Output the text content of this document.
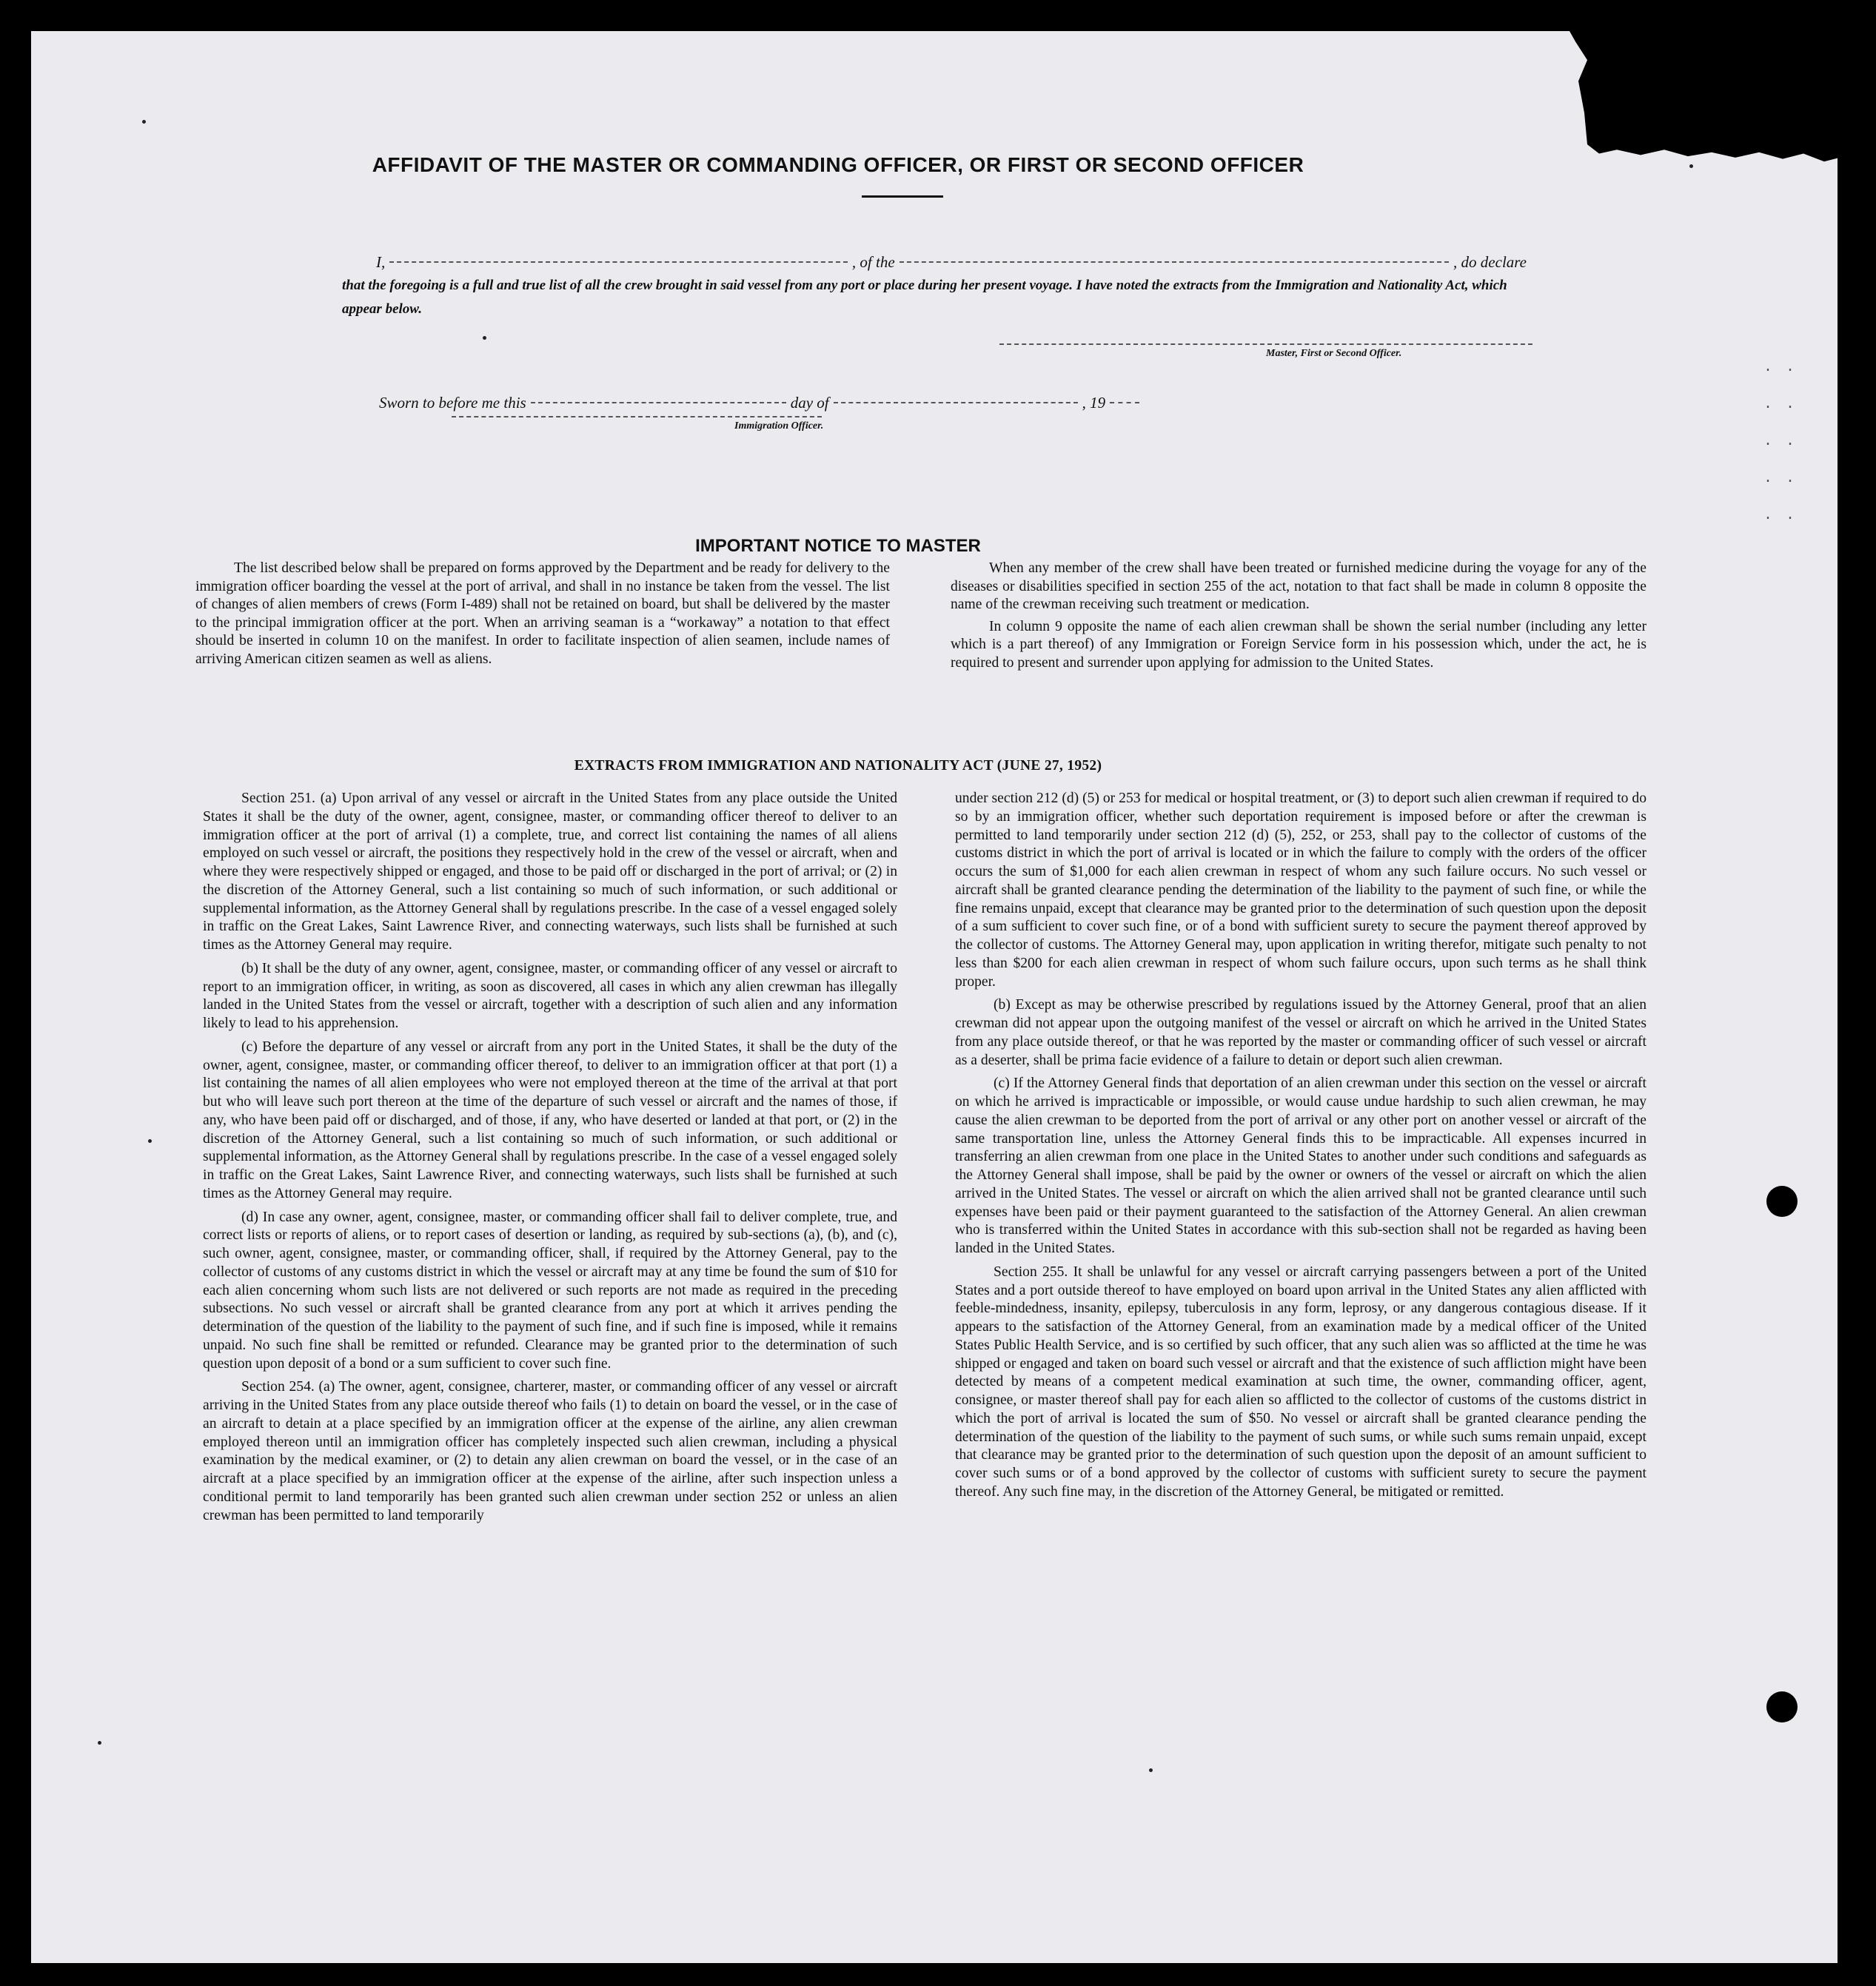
. .
. .
. .
. .
. .
AFFIDAVIT OF THE MASTER OR COMMANDING OFFICER, OR FIRST OR SECOND OFFICER
I,	, of the	, do declare
that the foregoing is a full and true list of all the crew brought in said vessel from any port or place during her present voyage. I have noted the extracts from the Immigration and Nationality Act, which appear below.
Master, First or Second Officer.
Sworn to before me this	day of	, 19
Immigration Officer.
IMPORTANT NOTICE TO MASTER

The list described below shall be prepared on forms approved by the Department and be ready for delivery to the immigration officer boarding the vessel at the port of arrival, and shall in no instance be taken from the vessel. The list of changes of alien members of crews (Form I-489) shall not be retained on board, but shall be delivered by the master to the principal immigration officer at the port. When an arriving seaman is a “workaway” a notation to that effect should be inserted in column 10 on the manifest. In order to facilitate inspection of alien seamen, include names of arriving American citizen seamen as well as aliens.

When any member of the crew shall have been treated or furnished medicine during the voyage for any of the diseases or disabilities specified in section 255 of the act, notation to that fact shall be made in column 8 opposite the name of the crewman receiving such treatment or medication.

In column 9 opposite the name of each alien crewman shall be shown the serial number (including any letter which is a part thereof) of any Immigration or Foreign Service form in his possession which, under the act, he is required to present and surrender upon applying for admission to the United States.

EXTRACTS FROM IMMIGRATION AND NATIONALITY ACT (JUNE 27, 1952)

Section 251. (a) Upon arrival of any vessel or aircraft in the United States from any place outside the United States it shall be the duty of the owner, agent, consignee, master, or commanding officer thereof to deliver to an immigration officer at the port of arrival (1) a complete, true, and correct list containing the names of all aliens employed on such vessel or aircraft, the positions they respectively hold in the crew of the vessel or aircraft, when and where they were respectively shipped or engaged, and those to be paid off or discharged in the port of arrival; or (2) in the discretion of the Attorney General, such a list containing so much of such information, or such additional or supplemental information, as the Attorney General shall by regulations prescribe. In the case of a vessel engaged solely in traffic on the Great Lakes, Saint Lawrence River, and connecting waterways, such lists shall be furnished at such times as the Attorney General may require.

(b) It shall be the duty of any owner, agent, consignee, master, or commanding officer of any vessel or aircraft to report to an immigration officer, in writing, as soon as discovered, all cases in which any alien crewman has illegally landed in the United States from the vessel or aircraft, together with a description of such alien and any information likely to lead to his apprehension.

(c) Before the departure of any vessel or aircraft from any port in the United States, it shall be the duty of the owner, agent, consignee, master, or commanding officer thereof, to deliver to an immigration officer at that port (1) a list containing the names of all alien employees who were not employed thereon at the time of the arrival at that port but who will leave such port thereon at the time of the departure of such vessel or aircraft and the names of those, if any, who have been paid off or discharged, and of those, if any, who have deserted or landed at that port, or (2) in the discretion of the Attorney General, such a list containing so much of such information, or such additional or supplemental information, as the Attorney General shall by regulations prescribe. In the case of a vessel engaged solely in traffic on the Great Lakes, Saint Lawrence River, and connecting waterways, such lists shall be furnished at such times as the Attorney General may require.

(d) In case any owner, agent, consignee, master, or commanding officer shall fail to deliver complete, true, and correct lists or reports of aliens, or to report cases of desertion or landing, as required by sub-sections (a), (b), and (c), such owner, agent, consignee, master, or commanding officer, shall, if required by the Attorney General, pay to the collector of customs of any customs district in which the vessel or aircraft may at any time be found the sum of $10 for each alien concerning whom such lists are not delivered or such reports are not made as required in the preceding subsections. No such vessel or aircraft shall be granted clearance from any port at which it arrives pending the determination of the question of the liability to the payment of such fine, and if such fine is imposed, while it remains unpaid. No such fine shall be remitted or refunded. Clearance may be granted prior to the determination of such question upon deposit of a bond or a sum sufficient to cover such fine.

Section 254. (a) The owner, agent, consignee, charterer, master, or commanding officer of any vessel or aircraft arriving in the United States from any place outside thereof who fails (1) to detain on board the vessel, or in the case of an aircraft to detain at a place specified by an immigration officer at the expense of the airline, any alien crewman employed thereon until an immigration officer has completely inspected such alien crewman, including a physical examination by the medical examiner, or (2) to detain any alien crewman on board the vessel, or in the case of an aircraft at a place specified by an immigration officer at the expense of the airline, after such inspection unless a conditional permit to land temporarily has been granted such alien crewman under section 252 or unless an alien crewman has been permitted to land temporarily

under section 212 (d) (5) or 253 for medical or hospital treatment, or (3) to deport such alien crewman if required to do so by an immigration officer, whether such deportation requirement is imposed before or after the crewman is permitted to land temporarily under section 212 (d) (5), 252, or 253, shall pay to the collector of customs of the customs district in which the port of arrival is located or in which the failure to comply with the orders of the officer occurs the sum of $1,000 for each alien crewman in respect of whom any such failure occurs. No such vessel or aircraft shall be granted clearance pending the determination of the liability to the payment of such fine, or while the fine remains unpaid, except that clearance may be granted prior to the determination of such question upon the deposit of a sum sufficient to cover such fine, or of a bond with sufficient surety to secure the payment thereof approved by the collector of customs. The Attorney General may, upon application in writing therefor, mitigate such penalty to not less than $200 for each alien crewman in respect of whom such failure occurs, upon such terms as he shall think proper.

(b) Except as may be otherwise prescribed by regulations issued by the Attorney General, proof that an alien crewman did not appear upon the outgoing manifest of the vessel or aircraft on which he arrived in the United States from any place outside thereof, or that he was reported by the master or commanding officer of such vessel or aircraft as a deserter, shall be prima facie evidence of a failure to detain or deport such alien crewman.

(c) If the Attorney General finds that deportation of an alien crewman under this section on the vessel or aircraft on which he arrived is impracticable or impossible, or would cause undue hardship to such alien crewman, he may cause the alien crewman to be deported from the port of arrival or any other port on another vessel or aircraft of the same transportation line, unless the Attorney General finds this to be impracticable. All expenses incurred in transferring an alien crewman from one place in the United States to another under such conditions and safeguards as the Attorney General shall impose, shall be paid by the owner or owners of the vessel or aircraft on which the alien arrived in the United States. The vessel or aircraft on which the alien arrived shall not be granted clearance until such expenses have been paid or their payment guaranteed to the satisfaction of the Attorney General. An alien crewman who is transferred within the United States in accordance with this sub-section shall not be regarded as having been landed in the United States.

Section 255. It shall be unlawful for any vessel or aircraft carrying passengers between a port of the United States and a port outside thereof to have employed on board upon arrival in the United States any alien afflicted with feeble-mindedness, insanity, epilepsy, tuberculosis in any form, leprosy, or any dangerous contagious disease. If it appears to the satisfaction of the Attorney General, from an examination made by a medical officer of the United States Public Health Service, and is so certified by such officer, that any such alien was so afflicted at the time he was shipped or engaged and taken on board such vessel or aircraft and that the existence of such affliction might have been detected by means of a competent medical examination at such time, the owner, commanding officer, agent, consignee, or master thereof shall pay for each alien so afflicted to the collector of customs of the customs district in which the port of arrival is located the sum of $50. No vessel or aircraft shall be granted clearance pending the determination of the question of the liability to the payment of such sums, or while such sums remain unpaid, except that clearance may be granted prior to the determination of such question upon the deposit of an amount sufficient to cover such sums or of a bond approved by the collector of customs with sufficient surety to secure the payment thereof. Any such fine may, in the discretion of the Attorney General, be mitigated or remitted.
